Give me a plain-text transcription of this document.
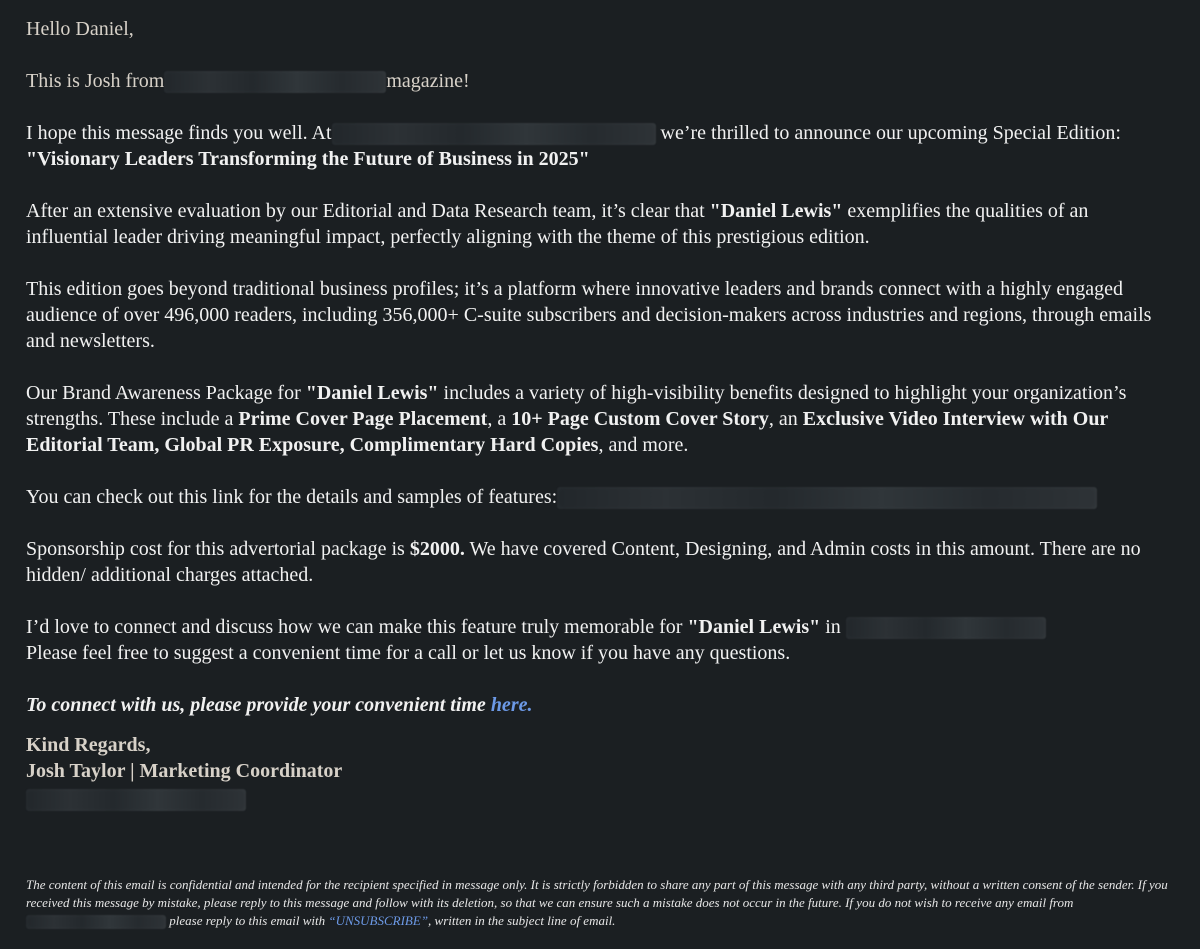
Hello Daniel,
This is Josh from	magazine!
I hope this message finds you well. At	we’re thrilled to announce our upcoming Special Edition: "Visionary Leaders Transforming the Future of Business in 2025"
After an extensive evaluation by our Editorial and Data Research team, it’s clear that "Daniel Lewis" exemplifies the qualities of an influential leader driving meaningful impact, perfectly aligning with the theme of this prestigious edition.
This edition goes beyond traditional business profiles; it’s a platform where innovative leaders and brands connect with a highly engaged audience of over 496,000 readers, including 356,000+ C-suite subscribers and decision-makers across industries and regions, through emails and newsletters.
Our Brand Awareness Package for "Daniel Lewis" includes a variety of high-visibility benefits designed to highlight your organization’s strengths. These include a Prime Cover Page Placement, a 10+ Page Custom Cover Story, an Exclusive Video Interview with Our Editorial Team, Global PR Exposure, Complimentary Hard Copies, and more.
You can check out this link for the details and samples of features:
Sponsorship cost for this advertorial package is $2000. We have covered Content, Designing, and Admin costs in this amount. There are no hidden/ additional charges attached.
I’d love to connect and discuss how we can make this feature truly memorable for "Daniel Lewis" in
Please feel free to suggest a convenient time for a call or let us know if you have any questions.
To connect with us, please provide your convenient time here.
Kind Regards,
Josh Taylor | Marketing Coordinator
The content of this email is confidential and intended for the recipient specified in message only. It is strictly forbidden to share any part of this message with any third party, without a written consent of the sender. If you received this message by mistake, please reply to this message and follow with its deletion, so that we can ensure such a mistake does not occur in the future. If you do not wish to receive any email from  please reply to this email with “UNSUBSCRIBE”, written in the subject line of email.
